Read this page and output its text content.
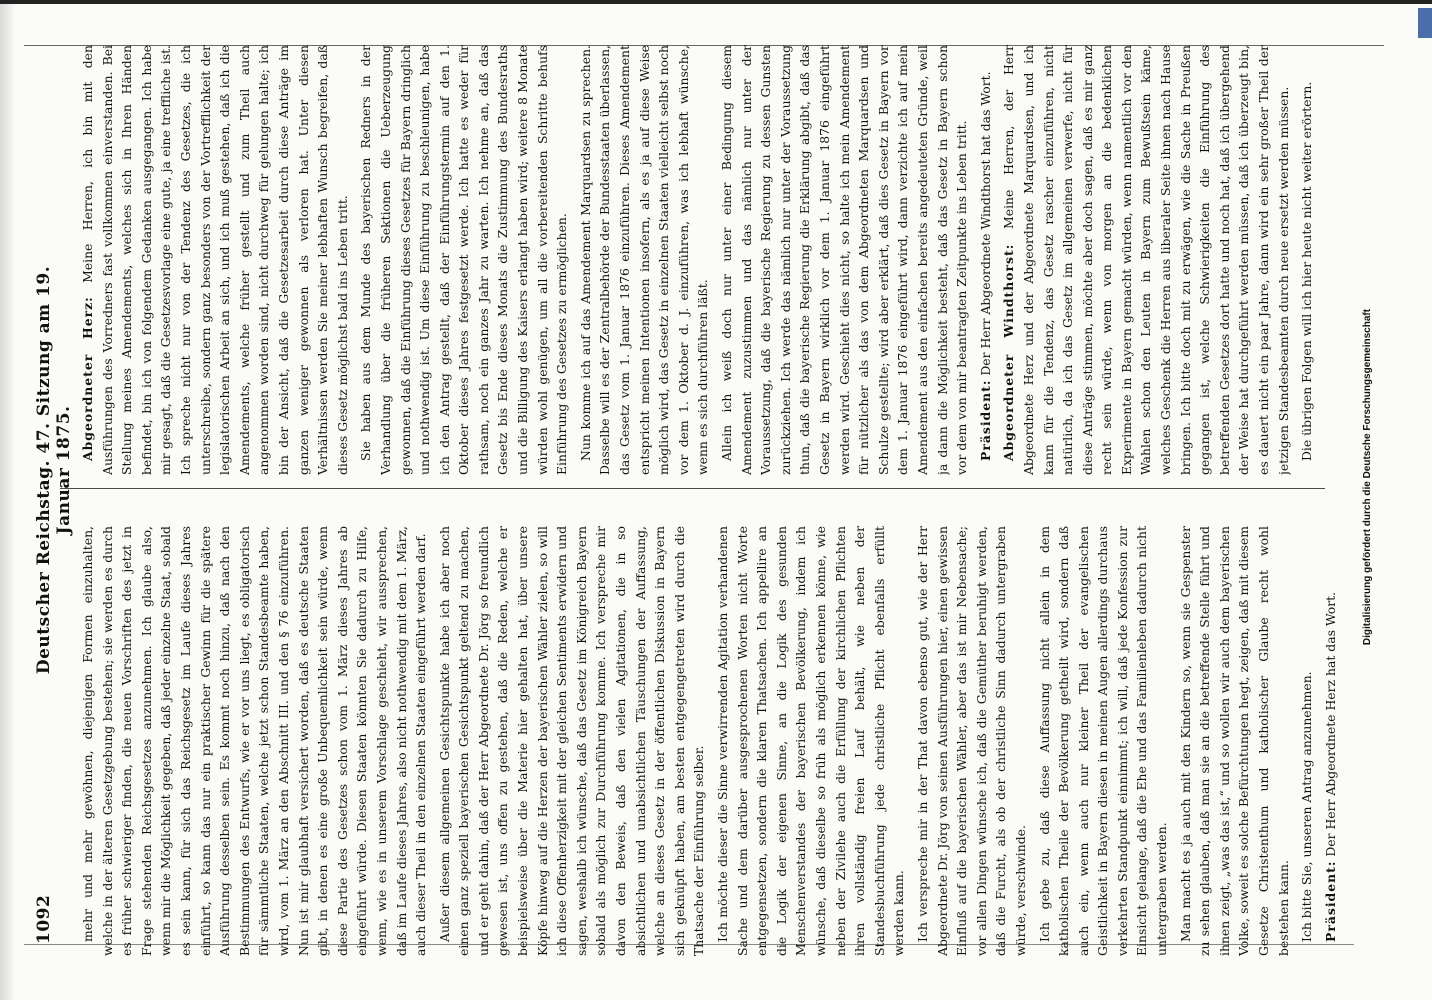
1092
Deutscher Reichstag. 47. Sitzung am 19. Januar 1875.

mehr und mehr gewöhnen, diejenigen Formen einzuhalten, welche in der älteren Gesetzgebung bestehen; sie werden es durch es früher schwieriger finden, die neuen Vorschriften des jetzt in Frage stehenden Reichsgesetzes anzunehmen. Ich glaube also, wenn mir die Möglichkeit gegeben, daß jeder einzelne Staat, sobald es sein kann, für sich das Reichsgesetz im Laufe dieses Jahres einführt, so kann das nur ein praktischer Gewinn für die spätere Ausführung desselben sein. Es kommt noch hinzu, daß nach den Bestimmungen des Entwurfs, wie er vor uns liegt, es obligatorisch für sämmtliche Staaten, welche jetzt schon Standesbeamte haben, wird, vom 1. März an den Abschnitt III. und den § 76 einzuführen. Nun ist mir glaubhaft versichert worden, daß es deutsche Staaten gibt, in denen es eine große Unbequemlichkeit sein würde, wenn diese Partie des Gesetzes schon vom 1. März dieses Jahres ab eingeführt würde. Diesen Staaten könnten Sie dadurch zu Hilfe, wenn, wie es in unserem Vorschlage geschieht, wir aussprechen, daß im Laufe dieses Jahres, also nicht nothwendig mit dem 1. März, auch dieser Theil in den einzelnen Staaten eingeführt werden darf. Außer diesem allgemeinen Gesichtspunkte habe ich aber noch einen ganz speziell bayerischen Gesichtspunkt geltend zu machen, und er geht dahin, daß der Herr Abgeordnete Dr. Jörg so freundlich gewesen ist, uns offen zu gestehen, daß die Reden, welche er beispielsweise über die Materie hier gehalten hat, über unsere Köpfe hinweg auf die Herzen der bayerischen Wähler zielen, so will ich diese Offenherzigkeit mit der gleichen Sentiments erwidern und sagen, weshalb ich wünsche, daß das Gesetz im Königreich Bayern sobald als möglich zur Durchführung komme. Ich verspreche mir davon den Beweis, daß den vielen Agitationen, die in so absichtlichen und unabsichtlichen Täuschungen der Auffassung, welche an dieses Gesetz in der öffentlichen Diskussion in Bayern sich geknüpft haben, am besten entgegengetreten wird durch die Thatsache der Einführung selber. Ich möchte dieser die Sinne verwirrenden Agitation verhandenen Sache und dem darüber ausgesprochenen Worten nicht Worte entgegensetzen, sondern die klaren Thatsachen. Ich appellire an die Logik der eigenen Sinne, an die Logik des gesunden Menschenverstandes der bayerischen Bevölkerung, indem ich wünsche, daß dieselbe so früh als möglich erkennen könne, wie neben der Zivilehe auch die Erfüllung der kirchlichen Pflichten ihren vollständig freien Lauf behält, wie neben der Standesbuchführung jede christliche Pflicht ebenfalls erfüllt werden kann. Ich verspreche mir in der That davon ebenso gut, wie der Herr Abgeordnete Dr. Jörg von seinen Ausführungen hier, einen gewissen Einfluß auf die bayerischen Wähler, aber das ist mir Nebensache; vor allen Dingen wünsche ich, daß die Gemüther beruhigt werden, daß die Furcht, als ob der christliche Sinn dadurch untergraben würde, verschwinde. Ich gebe zu, daß diese Auffassung nicht allein in dem katholischen Theile der Bevölkerung getheilt wird, sondern daß auch ein, wenn auch nur kleiner Theil der evangelischen Geistlichkeit in Bayern diesen in meinen Augen allerdings durchaus verkehrten Standpunkt einnimmt; ich will, daß jede Konfession zur Einsicht gelange, daß die Ehe und das Familienleben dadurch nicht untergraben werden. Man macht es ja auch mit den Kindern so, wenn sie Gespenster zu sehen glauben, daß man sie an die betreffende Stelle führt und ihnen zeigt, „was das ist,“ und so wollen wir auch dem bayerischen Volke, soweit es solche Befürchtungen hegt, zeigen, daß mit diesem Gesetze Christenthum und katholischer Glaube recht wohl bestehen kann. Ich bitte Sie, unseren Antrag anzunehmen. Präsident: Der Herr Abgeordnete Herz hat das Wort.

Abgeordneter Herz: Meine Herren, ich bin mit den Ausführungen des Vorredners fast vollkommen einverstanden. Bei Stellung meines Amendements, welches sich in Ihren Händen befindet, bin ich von folgendem Gedanken ausgegangen. Ich habe mir gesagt, daß die Gesetzesvorlage eine gute, ja eine treffliche ist. Ich spreche nicht nur von der Tendenz des Gesetzes, die ich unterschreibe, sondern ganz besonders von der Vortrefflichkeit der legislatorischen Arbeit an sich, und ich muß gestehen, daß ich die Amendements, welche früher gestellt und zum Theil auch angenommen worden sind, nicht durchweg für gelungen halte; ich bin der Ansicht, daß die Gesetzesarbeit durch diese Anträge im ganzen weniger gewonnen als verloren hat. Unter diesen Verhältnissen werden Sie meiner lebhaften Wunsch begreifen, daß dieses Gesetz möglichst bald ins Leben tritt. Sie haben aus dem Munde des bayerischen Redners in der Verhandlung über die früheren Sektionen die Ueberzeugung gewonnen, daß die Einführung dieses Gesetzes für Bayern dringlich und nothwendig ist. Um diese Einführung zu beschleunigen, habe ich den Antrag gestellt, daß der Einführungstermin auf den 1. Oktober dieses Jahres festgesetzt werde. Ich hatte es weder für rathsam, noch ein ganzes Jahr zu warten. Ich nehme an, daß das Gesetz bis Ende dieses Monats die Zustimmung des Bundesraths und die Billigung des Kaisers erlangt haben wird; weitere 8 Monate würden wohl genügen, um all die vorbereitenden Schritte behufs Einführung des Gesetzes zu ermöglichen. Nun komme ich auf das Amendement Marquardsen zu sprechen. Dasselbe will es der Zentralbehörde der Bundesstaaten überlassen, das Gesetz vom 1. Januar 1876 einzuführen. Dieses Amendement entspricht meinen Intentionen insofern, als es ja auf diese Weise möglich wird, das Gesetz in einzelnen Staaten vielleicht selbst noch vor dem 1. Oktober d. J. einzuführen, was ich lebhaft wünsche, wenn es sich durchführen läßt. Allein ich weiß doch nur unter einer Bedingung diesem Amendement zuzustimmen und das nämlich nur unter der Voraussetzung, daß die bayerische Regierung zu dessen Gunsten zurückziehen. Ich werde das nämlich nur unter der Voraussetzung thun, daß die bayerische Regierung die Erklärung abgibt, daß das Gesetz in Bayern wirklich vor dem 1. Januar 1876 eingeführt werden wird. Geschieht dies nicht, so halte ich mein Amendement für nützlicher als das von dem Abgeordneten Marquardsen und Schulze gestellte; wird aber erklärt, daß dies Gesetz in Bayern vor dem 1. Januar 1876 eingeführt wird, dann verzichte ich auf mein Amendement aus den einfachen bereits angedeuteten Gründe, weil ja dann die Möglichkeit besteht, daß das Gesetz in Bayern schon vor dem von mir beantragten Zeitpunkte ins Leben tritt. Präsident: Der Herr Abgeordnete Windthorst hat das Wort. Abgeordneter Windthorst: Meine Herren, der Herr Abgeordnete Herz und der Abgeordnete Marquardsen, und ich kann für die Tendenz, das Gesetz rascher einzuführen, nicht natürlich, da ich das Gesetz im allgemeinen verwerfe, nicht für diese Anträge stimmen, möchte aber doch sagen, daß es mir ganz recht sein würde, wenn von morgen an die bedenklichen Experimente in Bayern gemacht würden, wenn namentlich vor den Wahlen schon den Leuten in Bayern zum Bewußtsein käme, welches Geschenk die Herren aus liberaler Seite ihnen nach Hause bringen. Ich bitte doch mit zu erwägen, wie die Sache in Preußen gegangen ist, welche Schwierigkeiten die Einführung des betreffenden Gesetzes dort hatte und noch hat, daß ich übergehend der Weise hat durchgeführt werden müssen, daß ich überzeugt bin, es dauert nicht ein paar Jahre, dann wird ein sehr großer Theil der jetzigen Standesbeamten durch neue ersetzt werden müssen. Die übrigen Folgen will ich hier heute nicht weiter erörtern.

Digitalisierung gefördert durch die Deutsche Forschungsgemeinschaft
